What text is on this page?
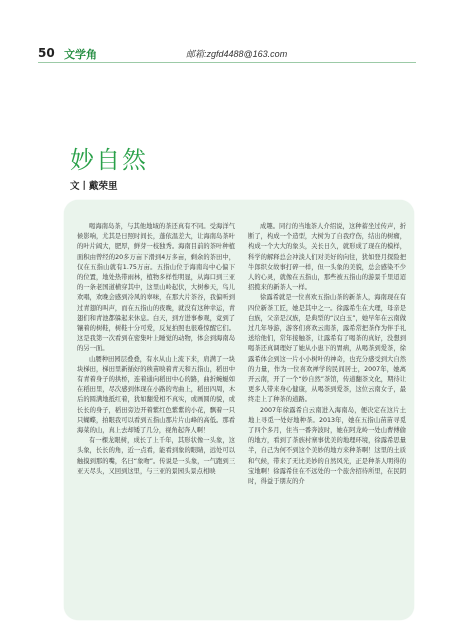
50 文学角	邮箱:zgfd4488@163.com
妙自然
文丨戴荣里

喝海南岛茶，与其他地域的茶还真有不同。受海洋气候影响，尤其是日照时间长，蓬依温差大，让海南岛茶叶的叶片阔大，肥厚，鲜芽一枝独秀。海南目前的茶叶种植面积由曾经的20多万亩下滑到4万多亩，剩余的茶田中，仅在五指山就有1.75万亩。五指山位于海南岛中心偏下的位置，地处热带雨林，植物多样性明显，从海口到三亚的一条老国道横穿其中，这里山岭起伏，大树参天，鸟儿欢唱，欢晚会感到冷风的辜味，在那大片茶谷，我偏听到过青翅的叫声，而在五指山的夜晚，就没有这种幸运，青翅们和青池都躲起来休息。白天，到方进事参观，竟到了镶着的树鞋，树鞋十分可爱，反复拍照也很难惊醒它们。这是我第一次看到在密集叶上睡觉的动物，体会到海南岛的另一面。

山腰种田园层叠叠，有水从山上流下来，肩满了一块块梯田，梯田里新插好的秧苗映着青天和五指山，稻田中有青着身子的拱桥，连着通向稻田中心的路，曲折蜿蜒如在稻田里，尽次感到体现在小路的弯曲上，稻田四周，木后的圆满地抵红着，犹如翻爱相不真实，或画圆的貌，或长长的身子，稻田旁边开着紫红色紫紫的小花，飘着一只只蝴蝶，拍眼我可以看到五指山那片片山峰的高低。那看海菜的山，真上去却矮了几分，视角起奔人啊！

有一棵龙眼树，成长了上千年，其形状像一头象，这头象，长长的角，近一点看，能看到象的眼睛，远处可以触摸到那的嘴，名曰“象吻”。传说是一头象，一气跑到三亚天尽头，又回到这里，与三亚的景园头景点相映

成趣。同行的当地茶人介绍说，这种蓄坐过传声，折断了，构成一个造型，大树为了自我疗伤，结出的树瘤，构成一个大大的象头，关长日久，就形成了现在的模样，科学的解释总会冲淡人们对美好的向往，犹如登月探险把牛郎织女故事打碎一样，但一头象的美貌，总会感染不少人的心灵，就像在五指山，那些被五指山的游景千里迢迢招揽来的新茶人一样。

徐露希就是一位喜欢五指山茶的新茶人，海南现在有四位新茶工匠，她是其中之一。徐露希生在大理，母亲是白族，父亲是汉族，是典型的“汉白玉”，她早年在云南做过几年导游，游客们喜欢云南茶，露希常把茶作为伴手礼送给他们，常年接触茶，让露希有了喝茶的真好，没想到喝茶还真调理好了她从小患下的胃病，从喝茶到爱茶，徐露希体会到这一片小小树叶的神奇，也充分感受到大自然的力量，作为一位喜欢禅学的民间居士，2007年，她离开云南，开了一个“妙自然”茶馆，传道翻茶文化，期待让更多人带来身心健康，从喝茶到爱茶，这位云南女子，最终走上了种茶的道路。

2007年徐露希自云南进入海南岛，便决定在这片土地上寻觅一处好地种茶。2013年，她在五指山苗苗寻觅了四个多月，住当一番奔波时，她在阿龙岭一处山曹傅偷的地方，看到了茶族村寨事优美的地理环境，徐露希思量半，自己为何不到这个美妙的地方来种茶啊！这里的土质和气候，带来了无比美妙的自然风光，正是种茶人明得的宝地啊！徐露希住在不远处的一个旅舍招待所里，在民阴时，得益于朋友的介
